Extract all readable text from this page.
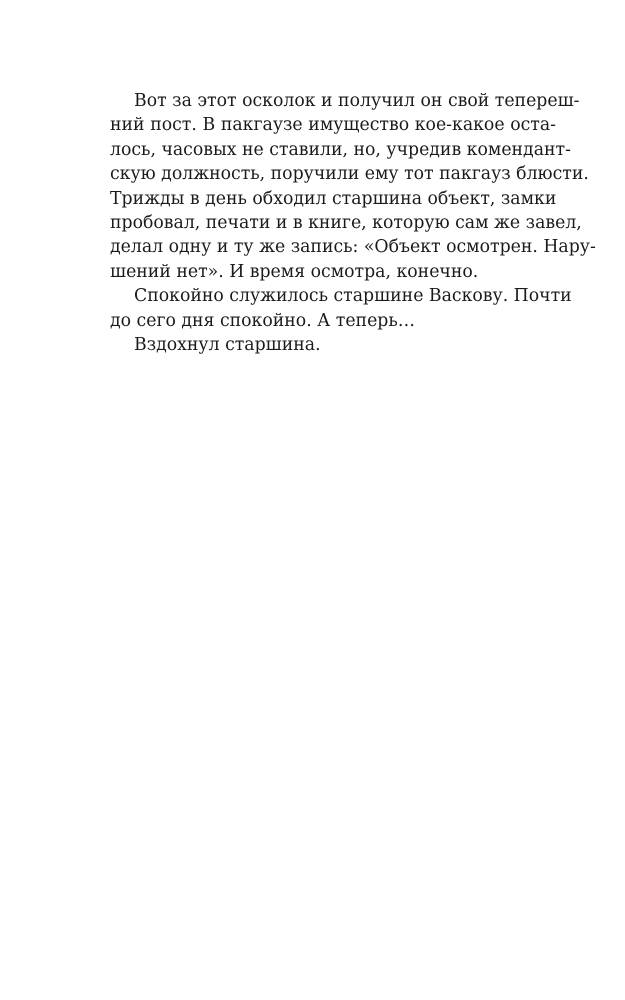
Вот за этот осколок и получил он свой тепереш-
ний пост. В пакгаузе имущество кое-какое оста-
лось, часовых не ставили, но, учредив комендант-
скую должность, поручили ему тот пакгауз блюсти.
Трижды в день обходил старшина объект, замки
пробовал, печати и в книге, которую сам же завел,
делал одну и ту же запись: «Объект осмотрен. Нару-
шений нет». И время осмотра, конечно.
Спокойно служилось старшине Васкову. Почти
до сего дня спокойно. А теперь…
Вздохнул старшина.
